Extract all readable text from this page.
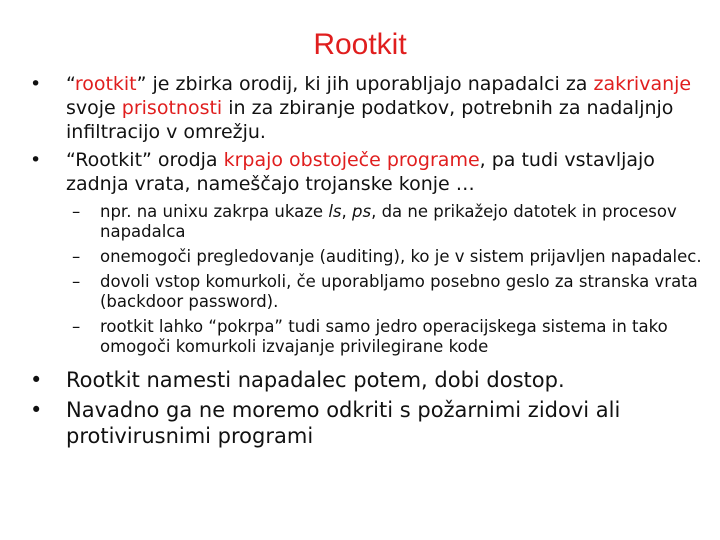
Rootkit
•	“rootkit” je zbirka orodij, ki jih uporabljajo napadalci za zakrivanje svoje prisotnosti in za zbiranje podatkov, potrebnih za nadaljnjo infiltracijo v omrežju.
•	“Rootkit” orodja krpajo obstoječe programe, pa tudi vstavljajo zadnja vrata, nameščajo trojanske konje …
–	npr. na unixu zakrpa ukaze ls, ps, da ne prikažejo datotek in procesov napadalca
–	onemogoči pregledovanje (auditing), ko je v sistem prijavljen napadalec.
–	dovoli vstop komurkoli, če uporabljamo posebno geslo za stranska vrata (backdoor password).
–	rootkit lahko “pokrpa” tudi samo jedro operacijskega sistema in tako omogoči komurkoli izvajanje privilegirane kode
•	Rootkit namesti napadalec potem, dobi dostop.
•	Navadno ga ne moremo odkriti s požarnimi zidovi ali protivirusnimi programi
